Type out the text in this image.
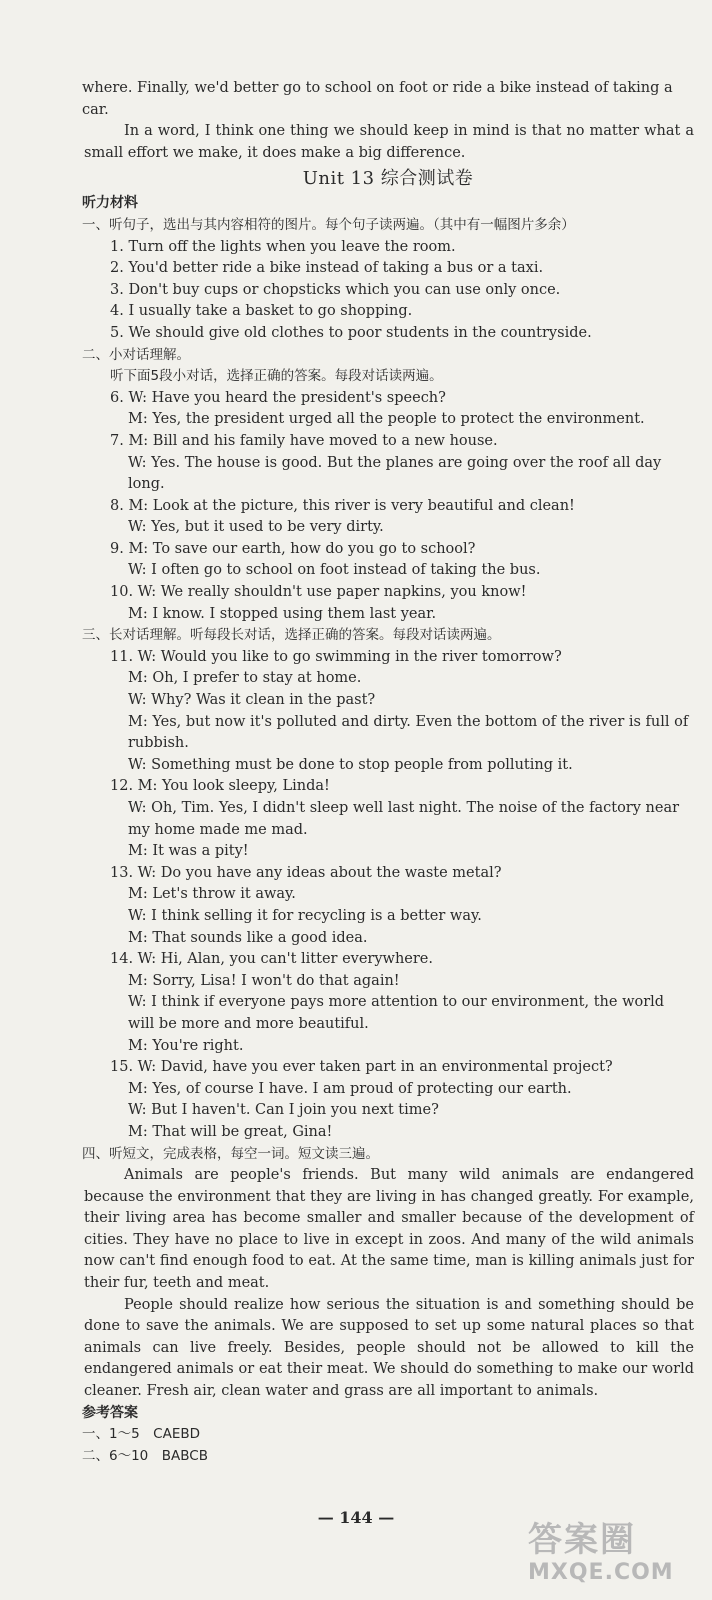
where. Finally, we'd better go to school on foot or ride a bike instead of taking a car.

In a word, I think one thing we should keep in mind is that no matter what a small effort we make, it does make a big difference.

Unit 13 综合测试卷

听力材料

一、听句子，选出与其内容相符的图片。每个句子读两遍。（其中有一幅图片多余）

1. Turn off the lights when you leave the room.

2. You'd better ride a bike instead of taking a bus or a taxi.

3. Don't buy cups or chopsticks which you can use only once.

4. I usually take a basket to go shopping.

5. We should give old clothes to poor students in the countryside.

二、小对话理解。

听下面5段小对话，选择正确的答案。每段对话读两遍。

6. W: Have you heard the president's speech?

M: Yes, the president urged all the people to protect the environment.

7. M: Bill and his family have moved to a new house.

W: Yes. The house is good. But the planes are going over the roof all day long.

8. M: Look at the picture, this river is very beautiful and clean!

W: Yes, but it used to be very dirty.

9. M: To save our earth, how do you go to school?

W: I often go to school on foot instead of taking the bus.

10. W: We really shouldn't use paper napkins, you know!

M: I know. I stopped using them last year.

三、长对话理解。听每段长对话，选择正确的答案。每段对话读两遍。

11. W: Would you like to go swimming in the river tomorrow?

M: Oh, I prefer to stay at home.

W: Why? Was it clean in the past?

M: Yes, but now it's polluted and dirty. Even the bottom of the river is full of rubbish.

W: Something must be done to stop people from polluting it.

12. M: You look sleepy, Linda!

W: Oh, Tim. Yes, I didn't sleep well last night. The noise of the factory near my home made me mad.

M: It was a pity!

13. W: Do you have any ideas about the waste metal?

M: Let's throw it away.

W: I think selling it for recycling is a better way.

M: That sounds like a good idea.

14. W: Hi, Alan, you can't litter everywhere.

M: Sorry, Lisa! I won't do that again!

W: I think if everyone pays more attention to our environment, the world will be more and more beautiful.

M: You're right.

15. W: David, have you ever taken part in an environmental project?

M: Yes, of course I have. I am proud of protecting our earth.

W: But I haven't. Can I join you next time?

M: That will be great, Gina!

四、听短文，完成表格，每空一词。短文读三遍。

Animals are people's friends. But many wild animals are endangered because the environment that they are living in has changed greatly. For example, their living area has become smaller and smaller because of the development of cities. They have no place to live in except in zoos. And many of the wild animals now can't find enough food to eat. At the same time, man is killing animals just for their fur, teeth and meat.

People should realize how serious the situation is and something should be done to save the animals. We are supposed to set up some natural places so that animals can live freely. Besides, people should not be allowed to kill the endangered animals or eat their meat. We should do something to make our world cleaner. Fresh air, clean water and grass are all important to animals.

参考答案

一、1～5　CAEBD

二、6～10　BABCB

— 144 —
答案圈
MXQE.COM
